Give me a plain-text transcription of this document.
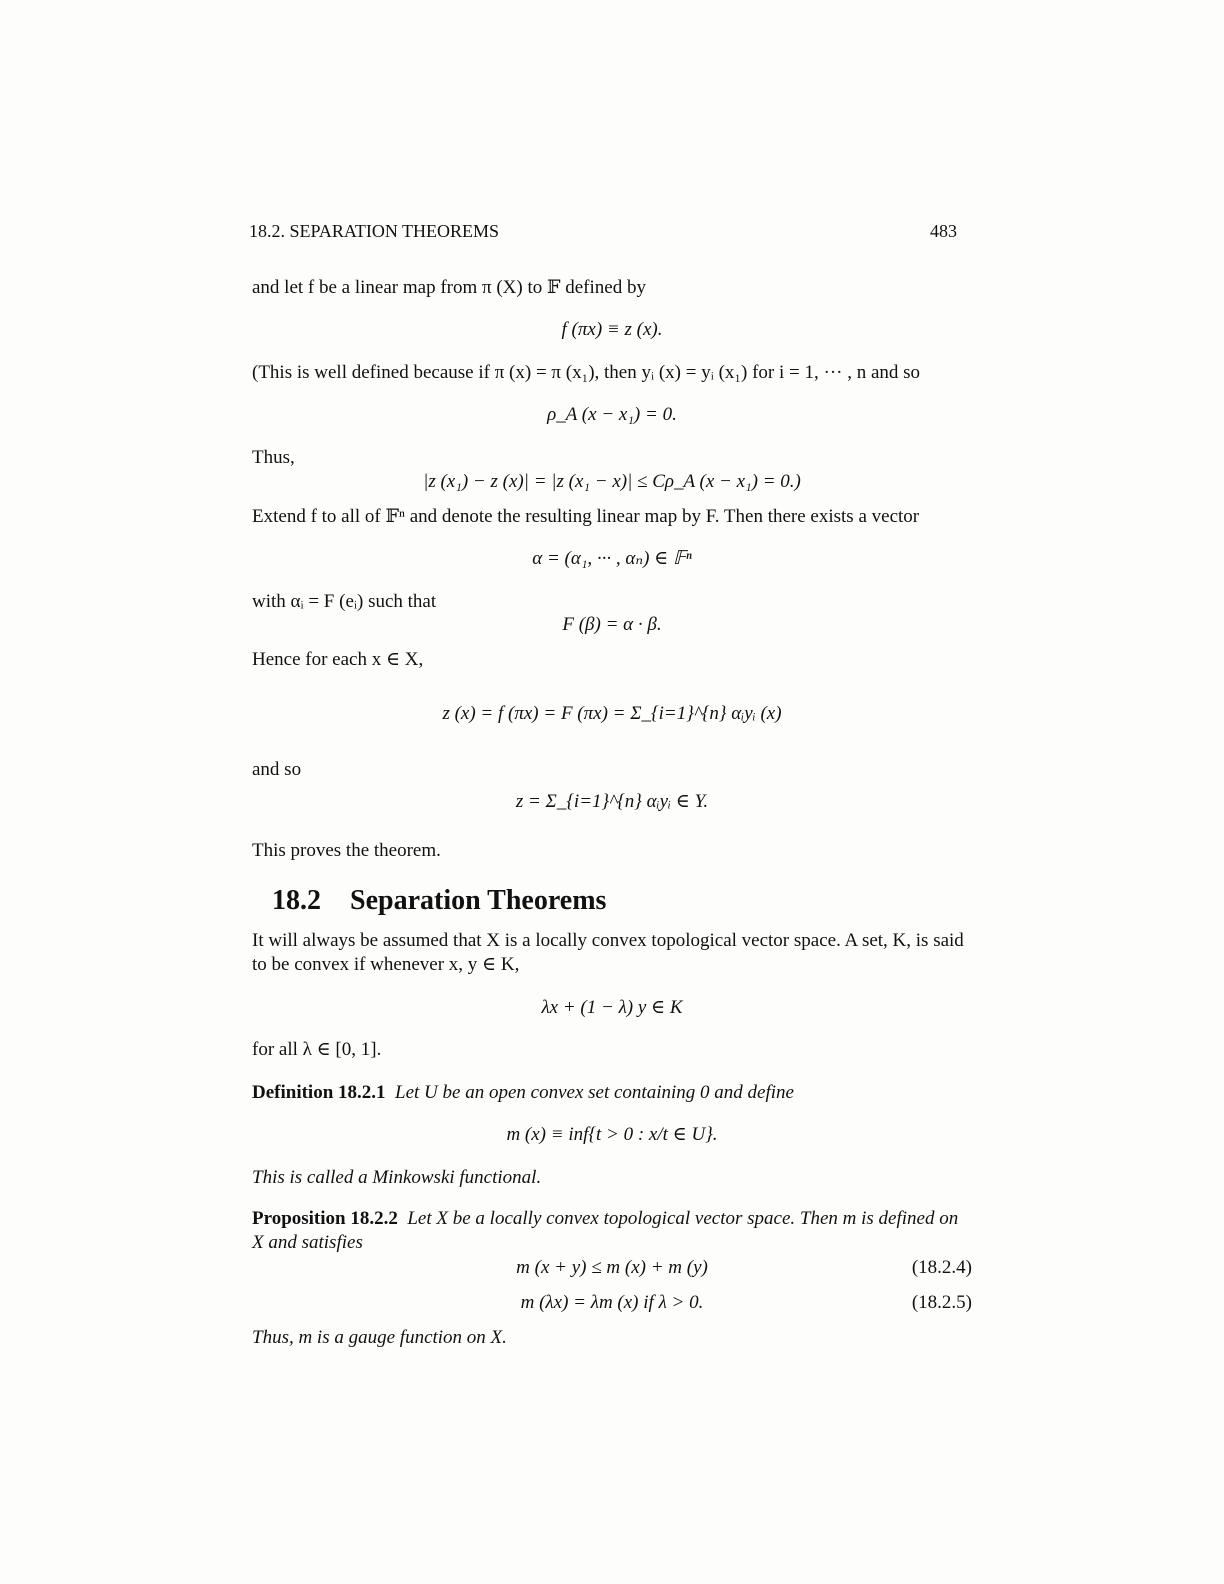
18.2. SEPARATION THEOREMS	483
and let f be a linear map from π (X) to 𝔽 defined by
f (πx) ≡ z (x).
(This is well defined because if π (x) = π (x₁), then yᵢ (x) = yᵢ (x₁) for i = 1, ··· , n and so
ρ_A (x − x₁) = 0.
Thus,
|z (x₁) − z (x)| = |z (x₁ − x)| ≤ Cρ_A (x − x₁) = 0.)
Extend f to all of 𝔽ⁿ and denote the resulting linear map by F. Then there exists a vector
α = (α₁, ··· , αₙ) ∈ 𝔽ⁿ
with αᵢ = F (eᵢ) such that
F (β) = α · β.
Hence for each x ∈ X,
z (x) = f (πx) = F (πx) = Σ_{i=1}^{n} αᵢyᵢ (x)
and so
z = Σ_{i=1}^{n} αᵢyᵢ ∈ Y.
This proves the theorem.
18.2 Separation Theorems
It will always be assumed that X is a locally convex topological vector space. A set, K, is said to be convex if whenever x, y ∈ K,
λx + (1 − λ) y ∈ K
for all λ ∈ [0, 1].
Definition 18.2.1 Let U be an open convex set containing 0 and define
m (x) ≡ inf{t > 0 : x/t ∈ U}.
This is called a Minkowski functional.
Proposition 18.2.2 Let X be a locally convex topological vector space. Then m is defined on X and satisfies
m (x + y) ≤ m (x) + m (y)	(18.2.4)
m (λx) = λm (x) if λ > 0.	(18.2.5)
Thus, m is a gauge function on X.
